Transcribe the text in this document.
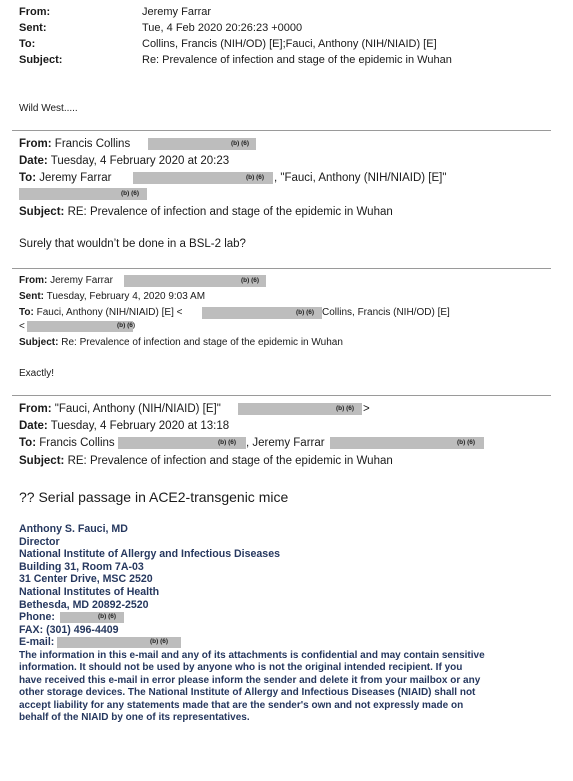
From:	Jeremy Farrar
Sent:	Tue, 4 Feb 2020 20:26:23 +0000
To:	Collins, Francis (NIH/OD) [E];Fauci, Anthony (NIH/NIAID) [E]
Subject:	Re: Prevalence of infection and stage of the epidemic in Wuhan
Wild West.....
From: Francis Collins	(b) (6)
Date: Tuesday, 4 February 2020 at 20:23
To: Jeremy Farrar	(b) (6) , "Fauci, Anthony (NIH/NIAID) [E]"
(b) (6)
Subject: RE: Prevalence of infection and stage of the epidemic in Wuhan
Surely that wouldn’t be done in a BSL-2 lab?
From: Jeremy Farrar	(b) (6)
Sent: Tuesday, February 4, 2020 9:03 AM
To: Fauci, Anthony (NIH/NIAID) [E] <	(b) (6) Collins, Francis (NIH/OD) [E]
<	(b) (6)
Subject: Re: Prevalence of infection and stage of the epidemic in Wuhan
Exactly!
From: "Fauci, Anthony (NIH/NIAID) [E]"	(b) (6) >
Date: Tuesday, 4 February 2020 at 13:18
To: Francis Collins	(b) (6) , Jeremy Farrar	(b) (6)
Subject: RE: Prevalence of infection and stage of the epidemic in Wuhan
?? Serial passage in ACE2-transgenic mice
Anthony S. Fauci, MD
Director
National Institute of Allergy and Infectious Diseases
Building 31, Room 7A-03
31 Center Drive, MSC 2520
National Institutes of Health
Bethesda, MD 20892-2520
Phone:	(b) (6)
FAX: (301) 496-4409
E-mail:	(b) (6)
The information in this e-mail and any of its attachments is confidential and may contain sensitive
information. It should not be used by anyone who is not the original intended recipient. If you
have received this e-mail in error please inform the sender and delete it from your mailbox or any
other storage devices. The National Institute of Allergy and Infectious Diseases (NIAID) shall not
accept liability for any statements made that are the sender's own and not expressly made on
behalf of the NIAID by one of its representatives.
